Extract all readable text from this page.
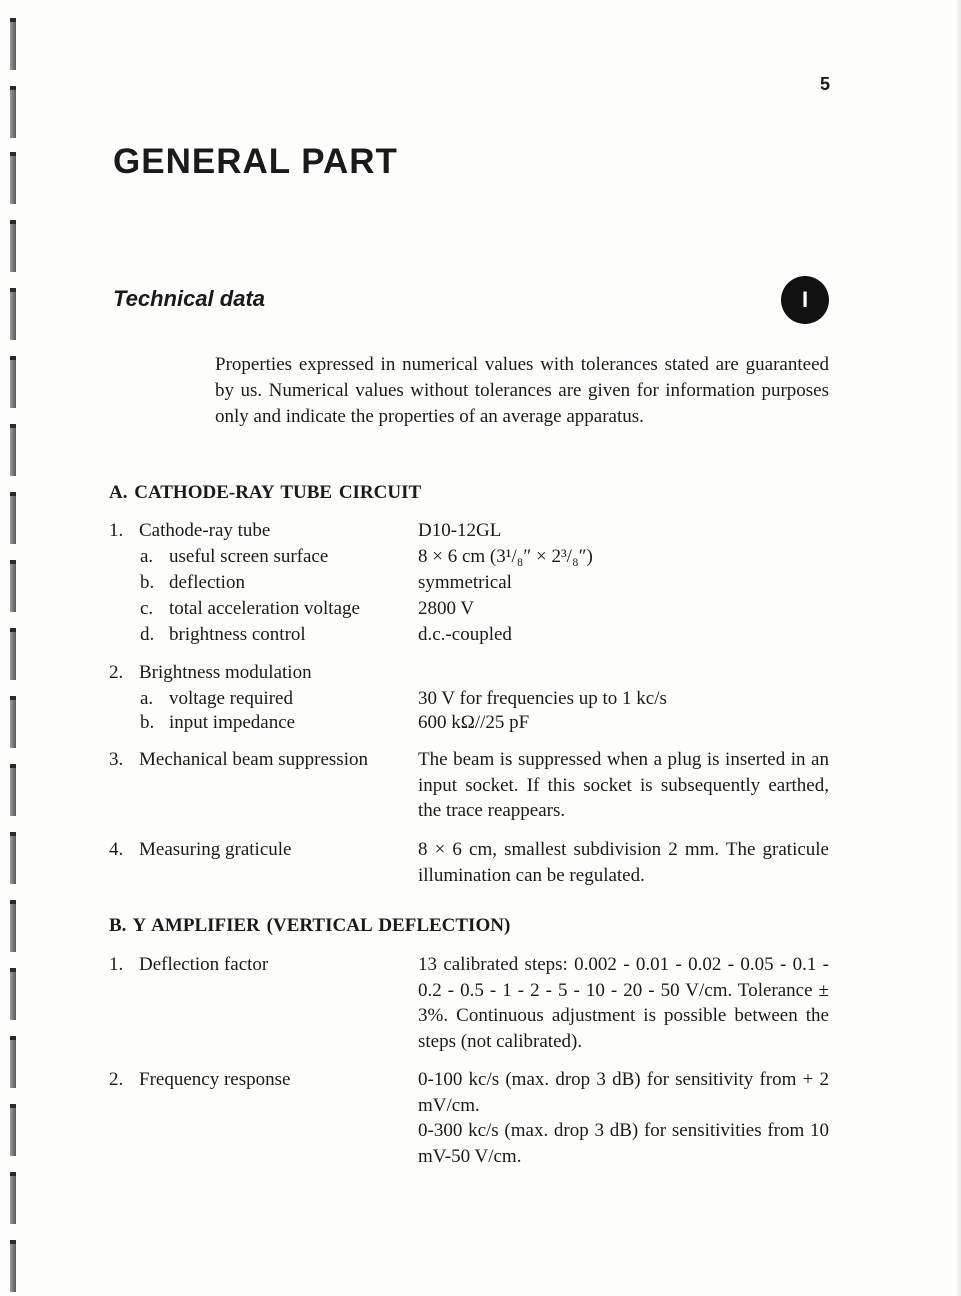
5
GENERAL PART
Technical data	I

Properties expressed in numerical values with tolerances stated are guaranteed by us. Numerical values without tolerances are given for information purposes only and indicate the properties of an average apparatus.

A. CATHODE-RAY TUBE CIRCUIT
1. Cathode-ray tube	D10-12GL
a. useful screen surface	8 × 6 cm (3¹/₈″ × 2³/₈″)
b. deflection	symmetrical
c. total acceleration voltage	2800 V
d. brightness control	d.c.-coupled
2. Brightness modulation
a. voltage required	30 V for frequencies up to 1 kc/s
b. input impedance	600 kΩ//25 pF
3. Mechanical beam suppression	The beam is suppressed when a plug is inserted in an input socket. If this socket is subsequently earthed, the trace reappears.
4. Measuring graticule	8 × 6 cm, smallest subdivision 2 mm. The graticule illumination can be regulated.
B. Y AMPLIFIER (VERTICAL DEFLECTION)
1. Deflection factor	13 calibrated steps: 0.002 - 0.01 - 0.02 - 0.05 - 0.1 - 0.2 - 0.5 - 1 - 2 - 5 - 10 - 20 - 50 V/cm. Tolerance ± 3%. Continuous adjustment is possible between the steps (not calibrated).
2. Frequency response	0-100 kc/s (max. drop 3 dB) for sensitivity from + 2 mV/cm.
0-300 kc/s (max. drop 3 dB) for sensitivities from 10 mV-50 V/cm.
